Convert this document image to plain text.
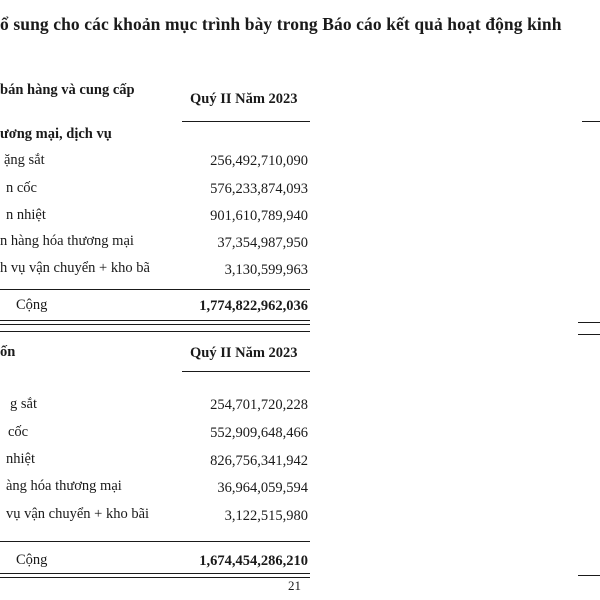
ổ sung cho các khoản mục trình bày trong Báo cáo kết quả hoạt động kinh
bán hàng và cung cấp
Quý II Năm 2023
ương mại, dịch vụ
ặng sắt	256,492,710,090
n cốc	576,233,874,093
n nhiệt	901,610,789,940
n hàng hóa thương mại	37,354,987,950
h vụ vận chuyển + kho bã	3,130,599,963
Cộng	1,774,822,962,036
ốn	Quý II Năm 2023
g sắt	254,701,720,228
cốc	552,909,648,466
nhiệt	826,756,341,942
àng hóa thương mại	36,964,059,594
vụ vận chuyển + kho bãi	3,122,515,980
Cộng	1,674,454,286,210
21
